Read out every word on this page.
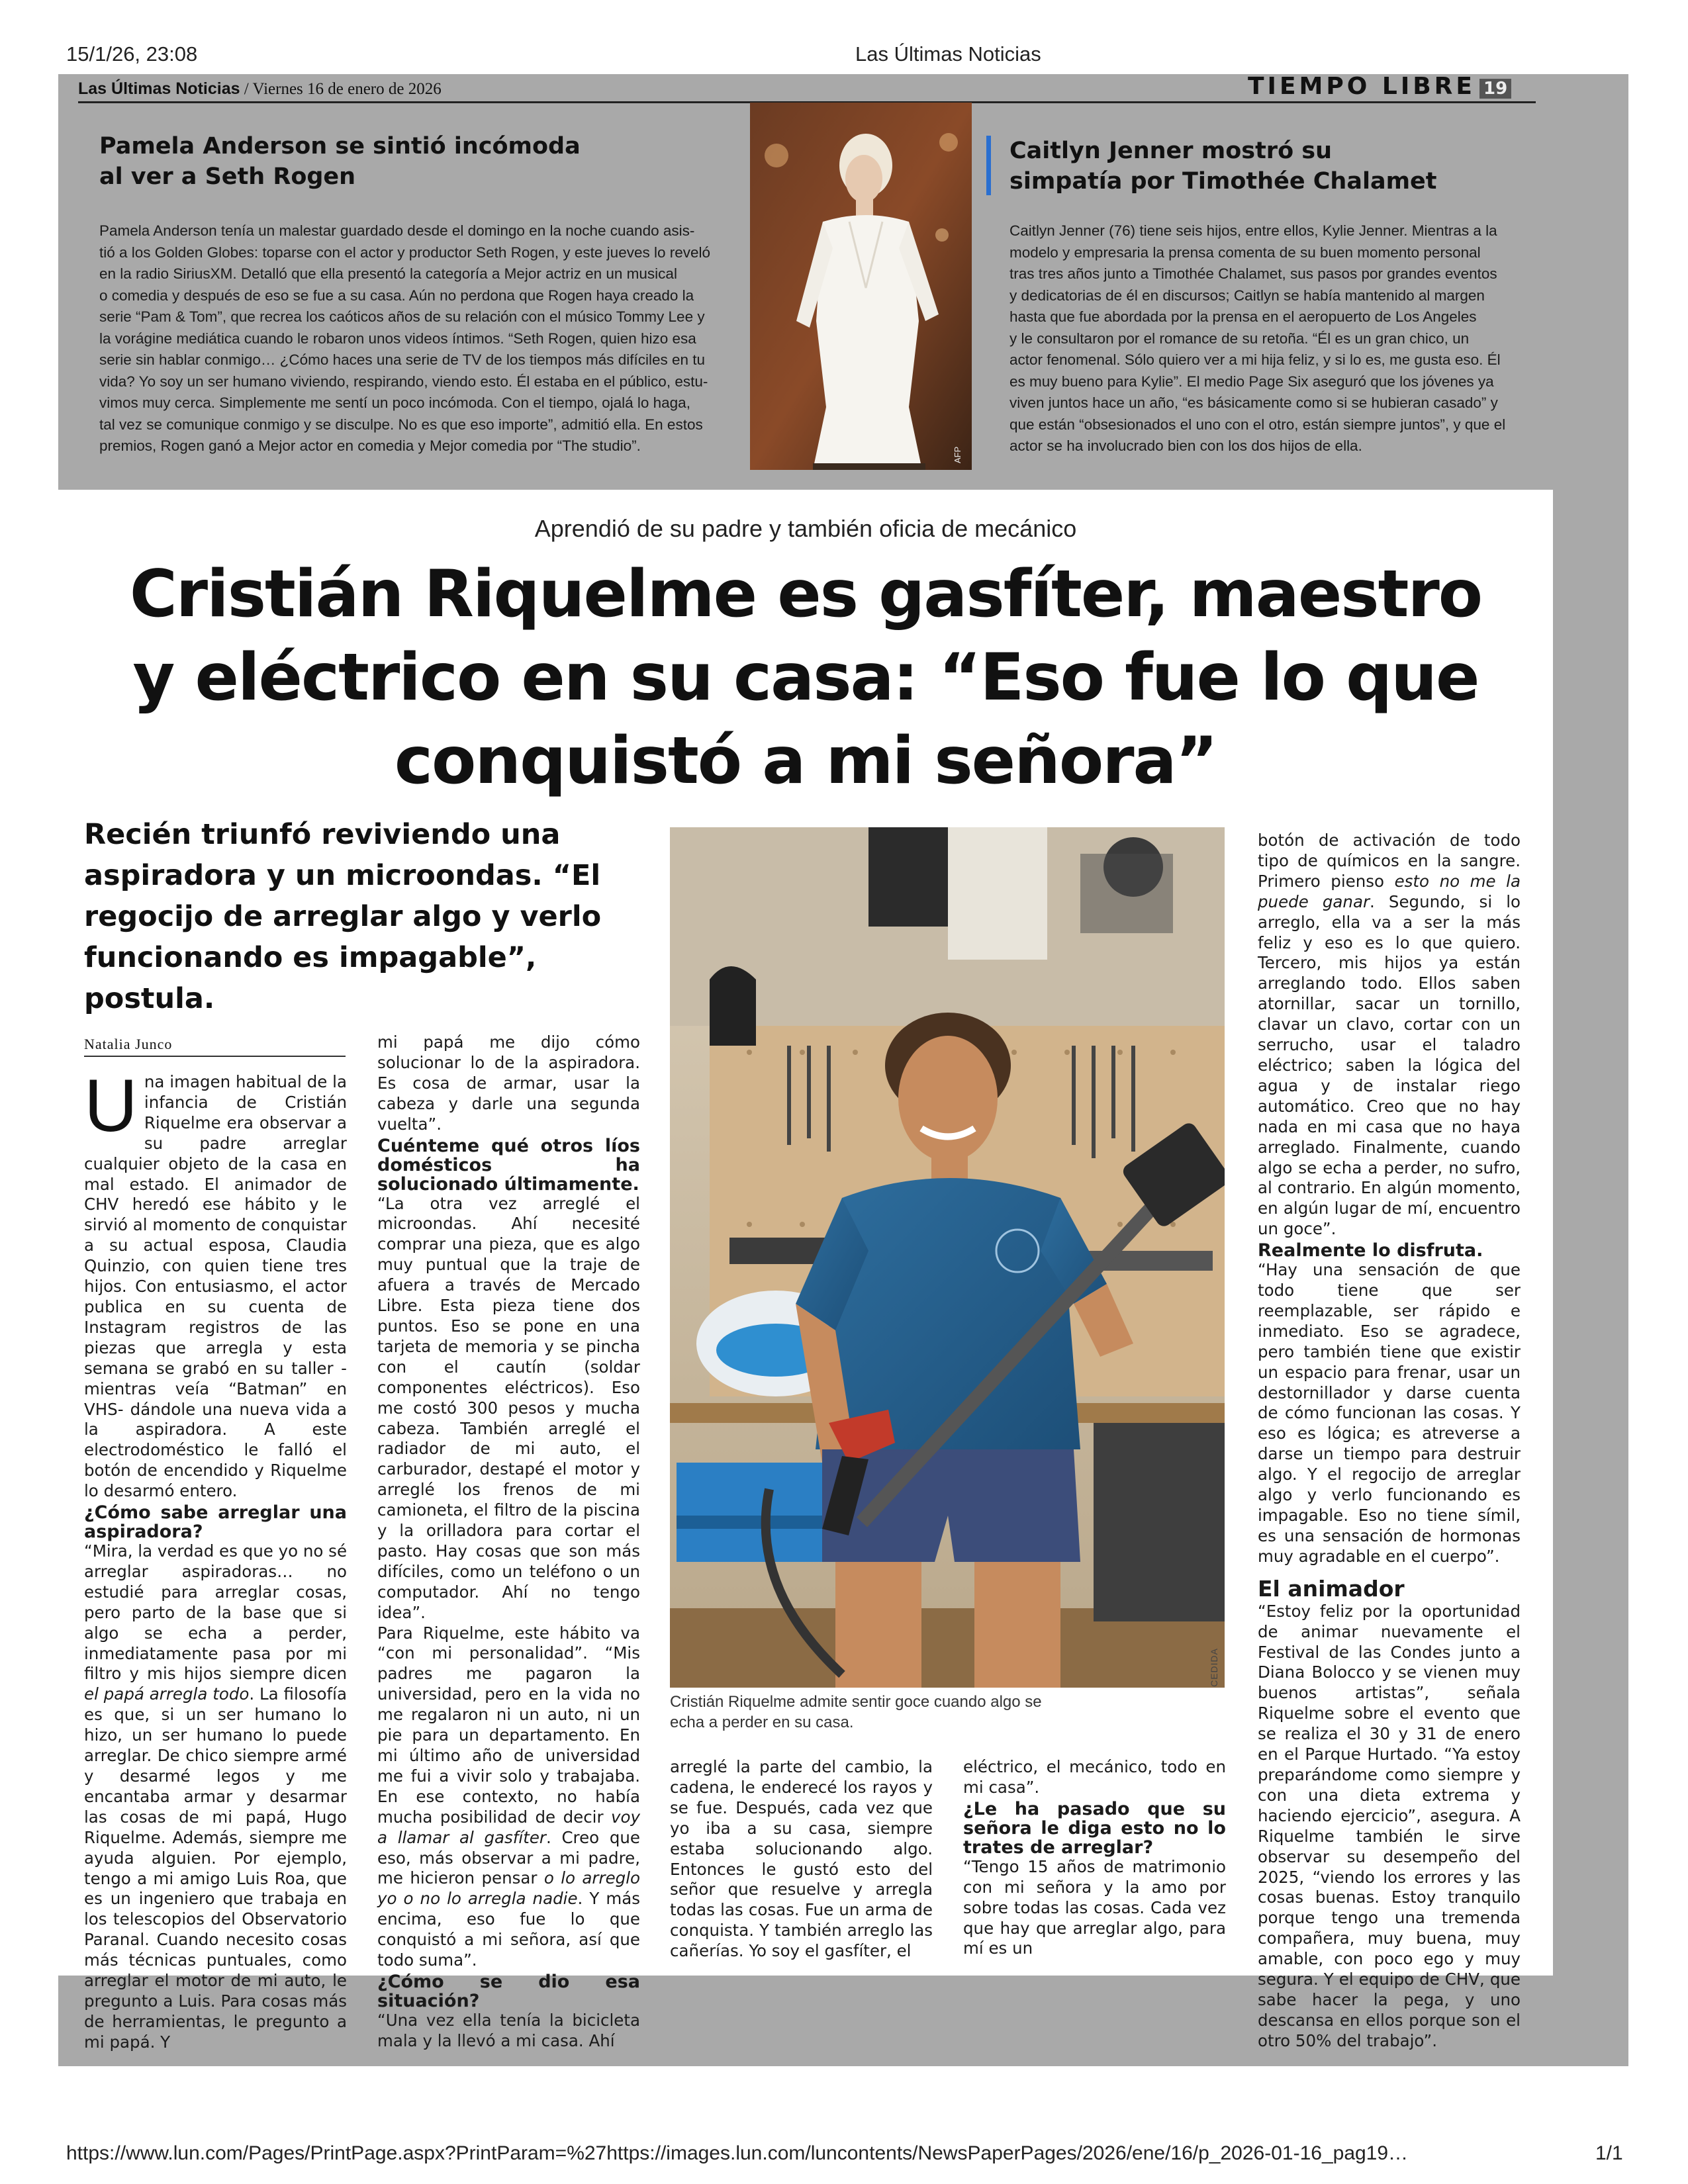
15/1/26, 23:08	Las Últimas Noticias
Las Últimas Noticias / Viernes 16 de enero de 2026	TIEMPO LIBRE 19
Pamela Anderson se sintió incómoda
al ver a Seth Rogen
Pamela Anderson tenía un malestar guardado desde el domingo en la noche cuando asis-
tió a los Golden Globes: toparse con el actor y productor Seth Rogen, y este jueves lo reveló
en la radio SiriusXM. Detalló que ella presentó la categoría a Mejor actriz en un musical
o comedia y después de eso se fue a su casa. Aún no perdona que Rogen haya creado la
serie “Pam & Tom”, que recrea los caóticos años de su relación con el músico Tommy Lee y
la vorágine mediática cuando le robaron unos videos íntimos. “Seth Rogen, quien hizo esa
serie sin hablar conmigo… ¿Cómo haces una serie de TV de los tiempos más difíciles en tu
vida? Yo soy un ser humano viviendo, respirando, viendo esto. Él estaba en el público, estu-
vimos muy cerca. Simplemente me sentí un poco incómoda. Con el tiempo, ojalá lo haga,
tal vez se comunique conmigo y se disculpe. No es que eso importe”, admitió ella. En estos
premios, Rogen ganó a Mejor actor en comedia y Mejor comedia por “The studio”.
AFP
Caitlyn Jenner mostró su
simpatía por Timothée Chalamet
Caitlyn Jenner (76) tiene seis hijos, entre ellos, Kylie Jenner. Mientras a la
modelo y empresaria la prensa comenta de su buen momento personal
tras tres años junto a Timothée Chalamet, sus pasos por grandes eventos
y dedicatorias de él en discursos; Caitlyn se había mantenido al margen
hasta que fue abordada por la prensa en el aeropuerto de Los Angeles
y le consultaron por el romance de su retoña. “Él es un gran chico, un
actor fenomenal. Sólo quiero ver a mi hija feliz, y si lo es, me gusta eso. Él
es muy bueno para Kylie”. El medio Page Six aseguró que los jóvenes ya
viven juntos hace un año, “es básicamente como si se hubieran casado” y
que están “obsesionados el uno con el otro, están siempre juntos”, y que el
actor se ha involucrado bien con los dos hijos de ella.
Aprendió de su padre y también oficia de mecánico
Cristián Riquelme es gasfíter, maestro
y eléctrico en su casa: “Eso fue lo que
conquistó a mi señora”
Recién triunfó reviviendo una aspiradora y un microondas. “El regocijo de arreglar algo y verlo funcionando es impagable”, postula.
Natalia Junco
U na imagen habitual de la infancia de Cristián Riquelme era observar a su padre arreglar cualquier objeto de la casa en mal estado. El animador de CHV heredó ese hábito y le sirvió al momento de conquistar a su actual esposa, Claudia Quinzio, con quien tiene tres hijos. Con entusiasmo, el actor publica en su cuenta de Instagram registros de las piezas que arregla y esta semana se grabó en su taller -mientras veía “Batman” en VHS- dándole una nueva vida a la aspiradora. A este electrodoméstico le falló el botón de encendido y Riquelme lo desarmó entero.

¿Cómo sabe arreglar una aspiradora?

“Mira, la verdad es que yo no sé arreglar aspiradoras… no estudié para arreglar cosas, pero parto de la base que si algo se echa a perder, inmediatamente pasa por mi filtro y mis hijos siempre dicen el papá arregla todo. La filosofía es que, si un ser humano lo hizo, un ser humano lo puede arreglar. De chico siempre armé y desarmé legos y me encantaba armar y desarmar las cosas de mi papá, Hugo Riquelme. Además, siempre me ayuda alguien. Por ejemplo, tengo a mi amigo Luis Roa, que es un ingeniero que trabaja en los telescopios del Observatorio Paranal. Cuando necesito cosas más técnicas puntuales, como arreglar el motor de mi auto, le pregunto a Luis. Para cosas más de herramientas, le pregunto a mi papá. Y

mi papá me dijo cómo solucionar lo de la aspiradora. Es cosa de armar, usar la cabeza y darle una segunda vuelta”.

Cuénteme qué otros líos domésticos ha solucionado últimamente.

“La otra vez arreglé el microondas. Ahí necesité comprar una pieza, que es algo muy puntual que la traje de afuera a través de Mercado Libre. Esta pieza tiene dos puntos. Eso se pone en una tarjeta de memoria y se pincha con el cautín (soldar componentes eléctricos). Eso me costó 300 pesos y mucha cabeza. También arreglé el radiador de mi auto, el carburador, destapé el motor y arreglé los frenos de mi camioneta, el filtro de la piscina y la orilladora para cortar el pasto. Hay cosas que son más difíciles, como un teléfono o un computador. Ahí no tengo idea”.

Para Riquelme, este hábito va “con mi personalidad”. “Mis padres me pagaron la universidad, pero en la vida no me regalaron ni un auto, ni un pie para un departamento. En mi último año de universidad me fui a vivir solo y trabajaba. En ese contexto, no había mucha posibilidad de decir voy a llamar al gasfíter. Creo que eso, más observar a mi padre, me hicieron pensar o lo arreglo yo o no lo arregla nadie. Y más encima, eso fue lo que conquistó a mi señora, así que todo suma”.

¿Cómo se dio esa situación?

“Una vez ella tenía la bicicleta mala y la llevó a mi casa. Ahí

CEDIDA
Cristián Riquelme admite sentir goce cuando algo se echa a perder en su casa.

arreglé la parte del cambio, la cadena, le enderecé los rayos y se fue. Después, cada vez que yo iba a su casa, siempre estaba solucionando algo. Entonces le gustó esto del señor que resuelve y arregla todas las cosas. Fue un arma de conquista. Y también arreglo las cañerías. Yo soy el gasfíter, el

eléctrico, el mecánico, todo en mi casa”.

¿Le ha pasado que su señora le diga esto no lo trates de arreglar?

“Tengo 15 años de matrimonio con mi señora y la amo por sobre todas las cosas. Cada vez que hay que arreglar algo, para mí es un

botón de activación de todo tipo de químicos en la sangre. Primero pienso esto no me la puede ganar. Segundo, si lo arreglo, ella va a ser la más feliz y eso es lo que quiero. Tercero, mis hijos ya están arreglando todo. Ellos saben atornillar, sacar un tornillo, clavar un clavo, cortar con un serrucho, usar el taladro eléctrico; saben la lógica del agua y de instalar riego automático. Creo que no hay nada en mi casa que no haya arreglado. Finalmente, cuando algo se echa a perder, no sufro, al contrario. En algún momento, en algún lugar de mí, encuentro un goce”.

Realmente lo disfruta.

“Hay una sensación de que todo tiene que ser reemplazable, ser rápido e inmediato. Eso se agradece, pero también tiene que existir un espacio para frenar, usar un destornillador y darse cuenta de cómo funcionan las cosas. Y eso es lógica; es atreverse a darse un tiempo para destruir algo. Y el regocijo de arreglar algo y verlo funcionando es impagable. Eso no tiene símil, es una sensación de hormonas muy agradable en el cuerpo”.

El animador

“Estoy feliz por la oportunidad de animar nuevamente el Festival de las Condes junto a Diana Bolocco y se vienen muy buenos artistas”, señala Riquelme sobre el evento que se realiza el 30 y 31 de enero en el Parque Hurtado. “Ya estoy preparándome como siempre y con una dieta extrema y haciendo ejercicio”, asegura. A Riquelme también le sirve observar su desempeño del 2025, “viendo los errores y las cosas buenas. Estoy tranquilo porque tengo una tremenda compañera, muy buena, muy amable, con poco ego y muy segura. Y el equipo de CHV, que sabe hacer la pega, y uno descansa en ellos porque son el otro 50% del trabajo”.

https://www.lun.com/Pages/PrintPage.aspx?PrintParam=%27https://images.lun.com/luncontents/NewsPaperPages/2026/ene/16/p_2026-01-16_pag19…	1/1
